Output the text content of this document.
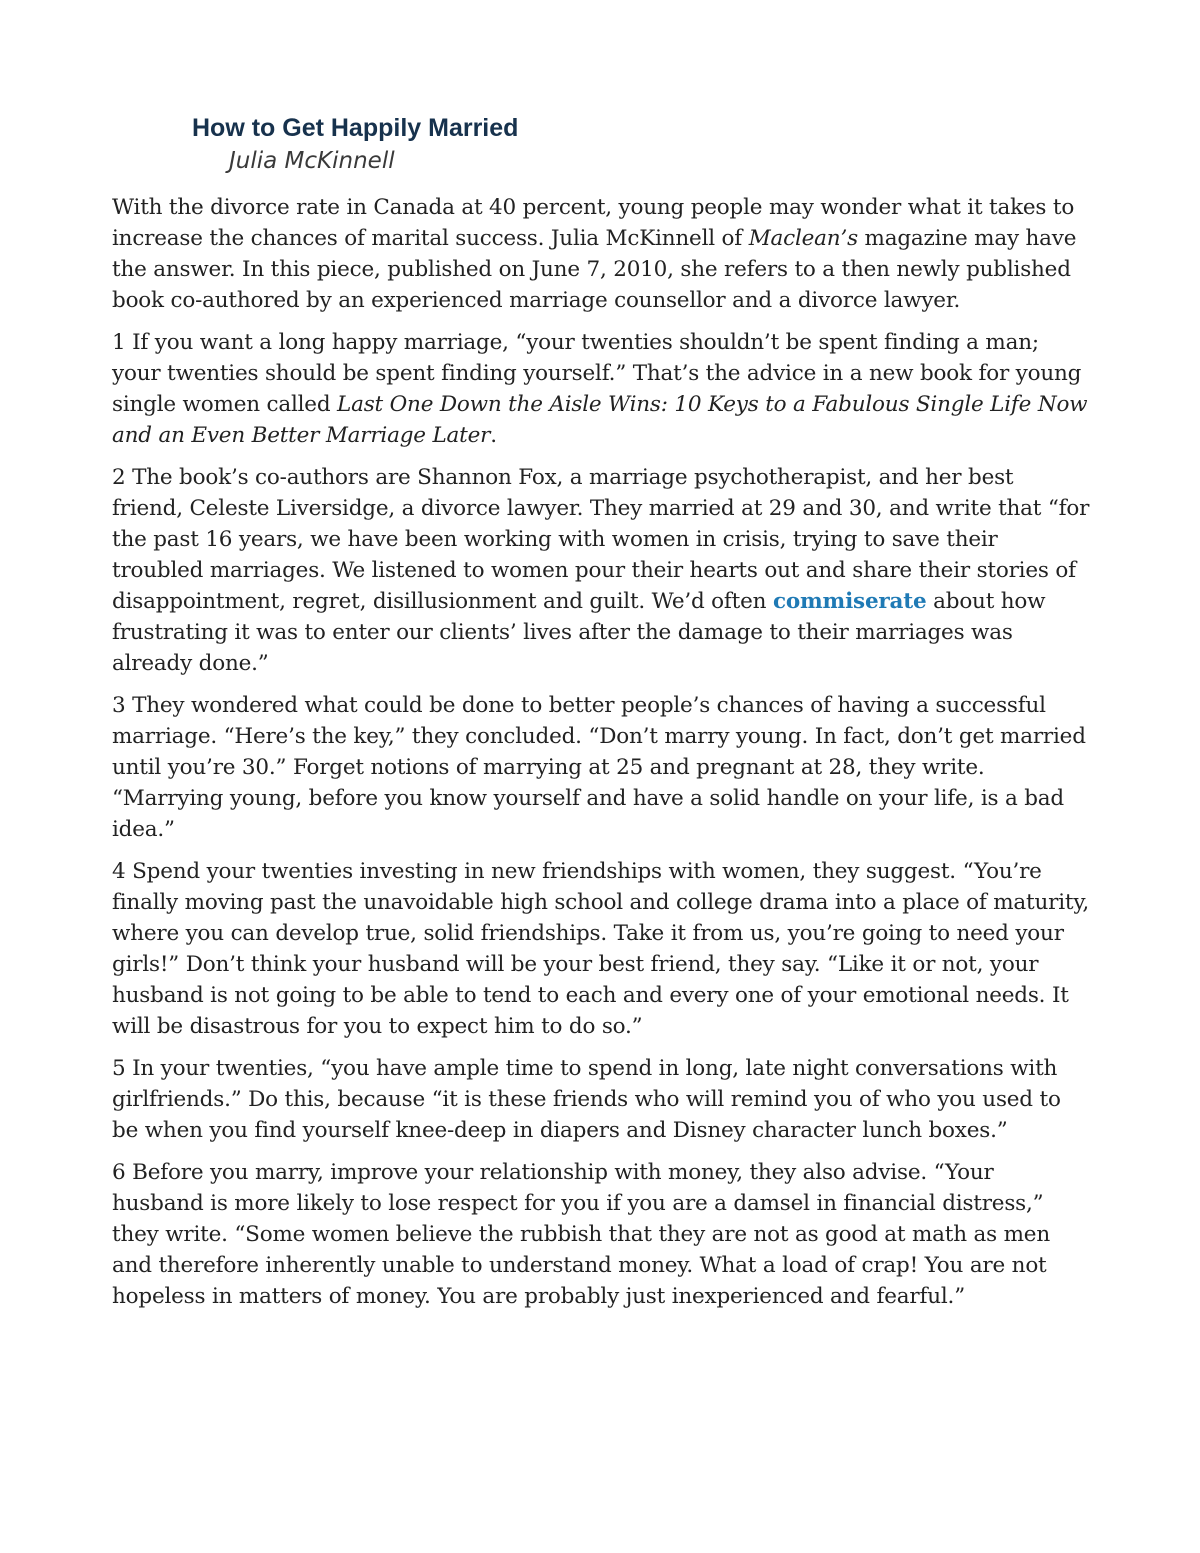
How to Get Happily Married
Julia McKinnell

With the divorce rate in Canada at 40 percent, young people may wonder what it takes to increase the chances of marital success. Julia McKinnell of Maclean’s magazine may have the answer. In this piece, published on June 7, 2010, she refers to a then newly published book co-authored by an experienced marriage counsellor and a divorce lawyer.

1 If you want a long happy marriage, “your twenties shouldn’t be spent finding a man; your twenties should be spent finding yourself.” That’s the advice in a new book for young single women called Last One Down the Aisle Wins: 10 Keys to a Fabulous Single Life Now and an Even Better Marriage Later.

2 The book’s co-authors are Shannon Fox, a marriage psychotherapist, and her best friend, Celeste Liversidge, a divorce lawyer. They married at 29 and 30, and write that “for the past 16 years, we have been working with women in crisis, trying to save their troubled marriages. We listened to women pour their hearts out and share their stories of disappointment, regret, disillusionment and guilt. We’d often commiserate about how frustrating it was to enter our clients’ lives after the damage to their marriages was already done.”

3 They wondered what could be done to better people’s chances of having a successful marriage. “Here’s the key,” they concluded. “Don’t marry young. In fact, don’t get married until you’re 30.” Forget notions of marrying at 25 and pregnant at 28, they write. “Marrying young, before you know yourself and have a solid handle on your life, is a bad idea.”

4 Spend your twenties investing in new friendships with women, they suggest. “You’re finally moving past the unavoidable high school and college drama into a place of maturity, where you can develop true, solid friendships. Take it from us, you’re going to need your girls!” Don’t think your husband will be your best friend, they say. “Like it or not, your husband is not going to be able to tend to each and every one of your emotional needs. It will be disastrous for you to expect him to do so.”

5 In your twenties, “you have ample time to spend in long, late night conversations with girlfriends.” Do this, because “it is these friends who will remind you of who you used to be when you find yourself knee-deep in diapers and Disney character lunch boxes.”

6 Before you marry, improve your relationship with money, they also advise. “Your husband is more likely to lose respect for you if you are a damsel in financial distress,” they write. “Some women believe the rubbish that they are not as good at math as men and therefore inherently unable to understand money. What a load of crap! You are not hopeless in matters of money. You are probably just inexperienced and fearful.”
